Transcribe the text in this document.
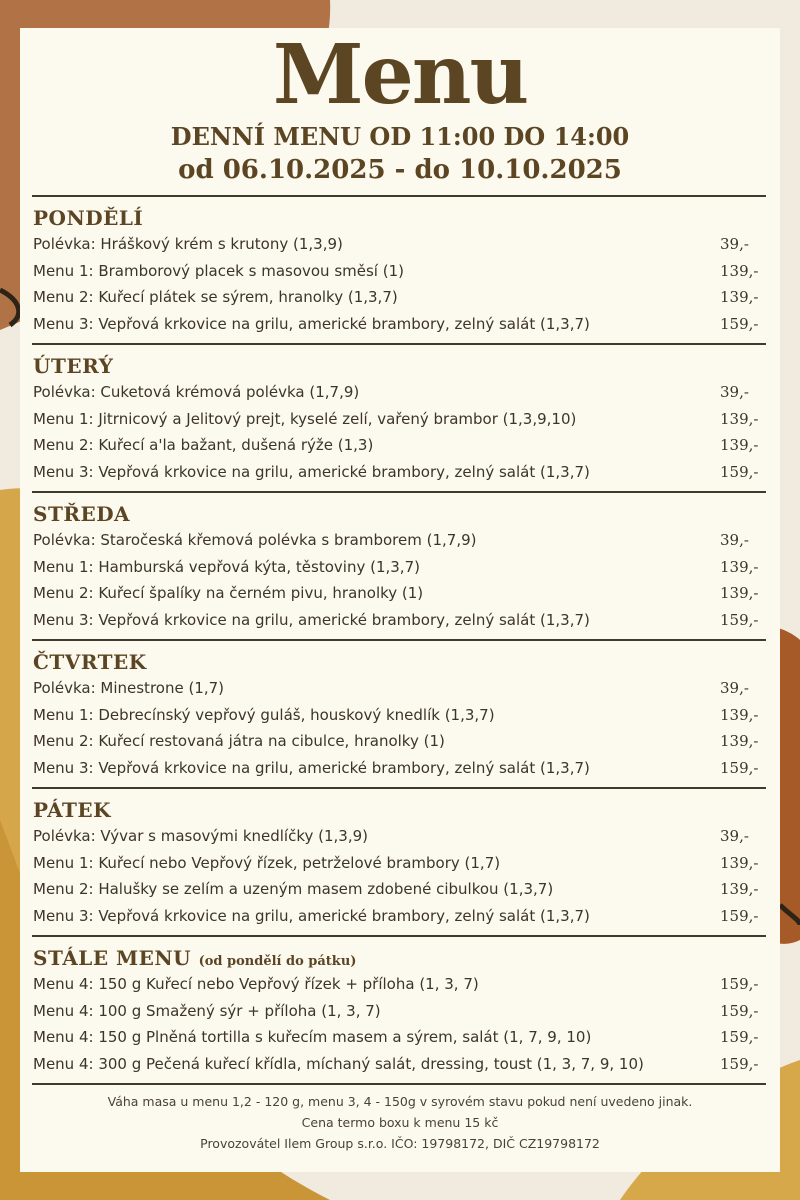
Menu
DENNÍ MENU OD 11:00 DO 14:00
od 06.10.2025 - do 10.10.2025
PONDĚLÍ
Polévka: Hráškový krém s krutony (1,3,9)	39,-
Menu 1: Bramborový placek s masovou směsí (1)	139,-
Menu 2: Kuřecí plátek se sýrem, hranolky (1,3,7)	139,-
Menu 3: Vepřová krkovice na grilu, americké brambory, zelný salát (1,3,7)	159,-
ÚTERÝ
Polévka: Cuketová krémová polévka (1,7,9)	39,-
Menu 1: Jitrnicový a Jelitový prejt, kyselé zelí, vařený brambor (1,3,9,10)	139,-
Menu 2: Kuřecí a'la bažant, dušená rýže (1,3)	139,-
Menu 3: Vepřová krkovice na grilu, americké brambory, zelný salát (1,3,7)	159,-
STŘEDA
Polévka: Staročeská křemová polévka s bramborem (1,7,9)	39,-
Menu 1: Hamburská vepřová kýta, těstoviny (1,3,7)	139,-
Menu 2: Kuřecí špalíky na černém pivu, hranolky (1)	139,-
Menu 3: Vepřová krkovice na grilu, americké brambory, zelný salát (1,3,7)	159,-
ČTVRTEK
Polévka: Minestrone (1,7)	39,-
Menu 1: Debrecínský vepřový guláš, houskový knedlík (1,3,7)	139,-
Menu 2: Kuřecí restovaná játra na cibulce, hranolky (1)	139,-
Menu 3: Vepřová krkovice na grilu, americké brambory, zelný salát (1,3,7)	159,-
PÁTEK
Polévka: Vývar s masovými knedlíčky (1,3,9)	39,-
Menu 1: Kuřecí nebo Vepřový řízek, petrželové brambory (1,7)	139,-
Menu 2: Halušky se zelím a uzeným masem zdobené cibulkou (1,3,7)	139,-
Menu 3: Vepřová krkovice na grilu, americké brambory, zelný salát (1,3,7)	159,-
STÁLE MENU (od pondělí do pátku)
Menu 4: 150 g Kuřecí nebo Vepřový řízek + příloha (1, 3, 7)	159,-
Menu 4: 100 g Smažený sýr + příloha (1, 3, 7)	159,-
Menu 4: 150 g Plněná tortilla s kuřecím masem a sýrem, salát (1, 7, 9, 10)	159,-
Menu 4: 300 g Pečená kuřecí křídla, míchaný salát, dressing, toust (1, 3, 7, 9, 10)	159,-
Váha masa u menu 1,2 - 120 g, menu 3, 4 - 150g v syrovém stavu pokud není uvedeno jinak.
Cena termo boxu k menu 15 kč
Provozovátel Ilem Group s.r.o. IČO: 19798172, DIČ CZ19798172
